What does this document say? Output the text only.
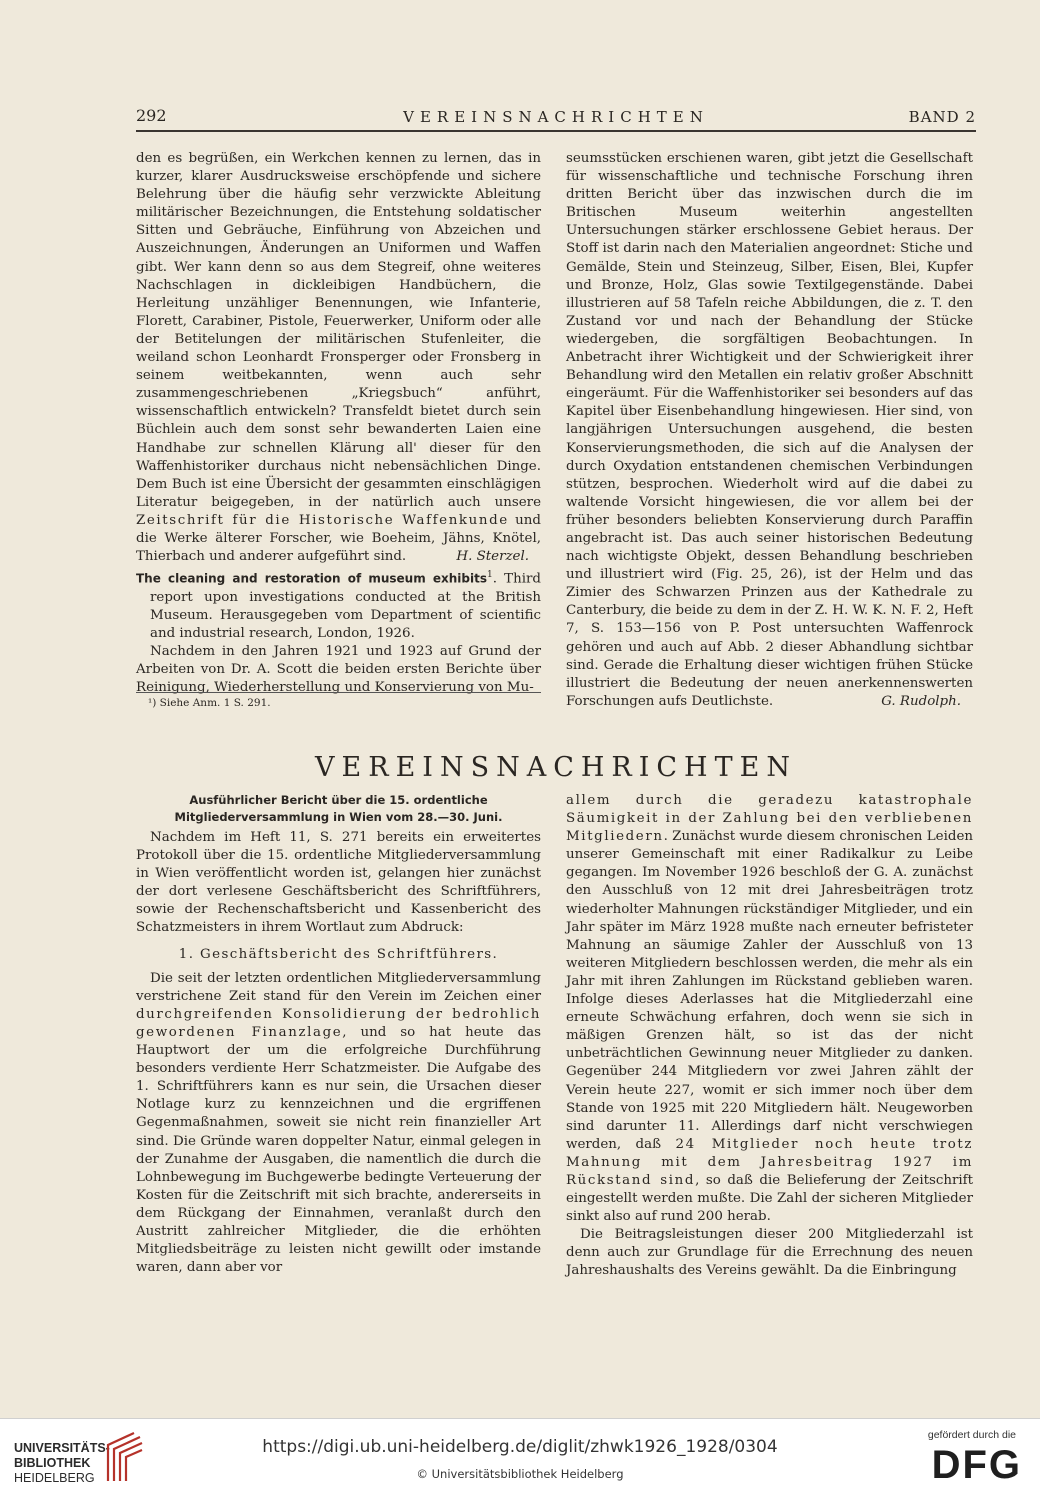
292	VEREINSNACHRICHTEN	BAND 2

den es begrüßen, ein Werkchen kennen zu lernen, das in kurzer, klarer Ausdrucksweise erschöpfende und sichere Belehrung über die häufig sehr verzwickte Ableitung militärischer Bezeichnungen, die Entstehung soldatischer Sitten und Gebräuche, Einführung von Abzeichen und Auszeichnungen, Änderungen an Uniformen und Waffen gibt. Wer kann denn so aus dem Stegreif, ohne weiteres Nachschlagen in dickleibigen Handbüchern, die Herleitung unzähliger Benennungen, wie Infanterie, Florett, Carabiner, Pistole, Feuerwerker, Uniform oder alle der Betitelungen der militärischen Stufenleiter, die weiland schon Leonhardt Fronsperger oder Fronsberg in seinem weitbekannten, wenn auch sehr zusammengeschriebenen „Kriegsbuch“ anführt, wissenschaftlich entwickeln? Transfeldt bietet durch sein Büchlein auch dem sonst sehr bewanderten Laien eine Handhabe zur schnellen Klärung all' dieser für den Waffenhistoriker durchaus nicht nebensächlichen Dinge. Dem Buch ist eine Übersicht der gesammten einschlägigen Literatur beigegeben, in der natürlich auch unsere Zeitschrift für die Historische Waffenkunde und die Werke älterer Forscher, wie Boeheim, Jähns, Knötel, Thierbach und anderer aufgeführt sind.	H. Sterzel.

The cleaning and restoration of museum exhibits$^1$. Third report upon investigations conducted at the British Museum. Herausgegeben vom Department of scientific and industrial research, London, 1926.

Nachdem in den Jahren 1921 und 1923 auf Grund der Arbeiten von Dr. A. Scott die beiden ersten Berichte über Reinigung, Wiederherstellung und Konservierung von Mu-

¹) Siehe Anm. 1 S. 291.

seumsstücken erschienen waren, gibt jetzt die Gesellschaft für wissenschaftliche und technische Forschung ihren dritten Bericht über das inzwischen durch die im Britischen Museum weiterhin angestellten Untersuchungen stärker erschlossene Gebiet heraus. Der Stoff ist darin nach den Materialien angeordnet: Stiche und Gemälde, Stein und Steinzeug, Silber, Eisen, Blei, Kupfer und Bronze, Holz, Glas sowie Textilgegenstände. Dabei illustrieren auf 58 Tafeln reiche Abbildungen, die z. T. den Zustand vor und nach der Behandlung der Stücke wiedergeben, die sorgfältigen Beobachtungen. In Anbetracht ihrer Wichtigkeit und der Schwierigkeit ihrer Behandlung wird den Metallen ein relativ großer Abschnitt eingeräumt. Für die Waffenhistoriker sei besonders auf das Kapitel über Eisenbehandlung hingewiesen. Hier sind, von langjährigen Untersuchungen ausgehend, die besten Konservierungsmethoden, die sich auf die Analysen der durch Oxydation entstandenen chemischen Verbindungen stützen, besprochen. Wiederholt wird auf die dabei zu waltende Vorsicht hingewiesen, die vor allem bei der früher besonders beliebten Konservierung durch Paraffin angebracht ist. Das auch seiner historischen Bedeutung nach wichtigste Objekt, dessen Behandlung beschrieben und illustriert wird (Fig. 25, 26), ist der Helm und das Zimier des Schwarzen Prinzen aus der Kathedrale zu Canterbury, die beide zu dem in der Z. H. W. K. N. F. 2, Heft 7, S. 153—156 von P. Post untersuchten Waffenrock gehören und auch auf Abb. 2 dieser Abhandlung sichtbar sind. Gerade die Erhaltung dieser wichtigen frühen Stücke illustriert die Bedeutung der neuen anerkennenswerten Forschungen aufs Deutlichste.	G. Rudolph.

VEREINSNACHRICHTEN
Ausführlicher Bericht über die 15. ordentliche Mitgliederversammlung in Wien vom 28.—30. Juni.

Nachdem im Heft 11, S. 271 bereits ein erweitertes Protokoll über die 15. ordentliche Mitgliederversammlung in Wien veröffentlicht worden ist, gelangen hier zunächst der dort verlesene Geschäftsbericht des Schriftführers, sowie der Rechenschaftsbericht und Kassenbericht des Schatzmeisters in ihrem Wortlaut zum Abdruck:

1. Geschäftsbericht des Schriftführers.

Die seit der letzten ordentlichen Mitgliederversammlung verstrichene Zeit stand für den Verein im Zeichen einer durchgreifenden Konsolidierung der bedrohlich gewordenen Finanzlage, und so hat heute das Hauptwort der um die erfolgreiche Durchführung besonders verdiente Herr Schatzmeister. Die Aufgabe des 1. Schriftführers kann es nur sein, die Ursachen dieser Notlage kurz zu kennzeichnen und die ergriffenen Gegenmaßnahmen, soweit sie nicht rein finanzieller Art sind. Die Gründe waren doppelter Natur, einmal gelegen in der Zunahme der Ausgaben, die namentlich die durch die Lohnbewegung im Buchgewerbe bedingte Verteuerung der Kosten für die Zeitschrift mit sich brachte, andererseits in dem Rückgang der Einnahmen, veranlaßt durch den Austritt zahlreicher Mitglieder, die die erhöhten Mitgliedsbeiträge zu leisten nicht gewillt oder imstande waren, dann aber vor

allem durch die geradezu katastrophale Säumigkeit in der Zahlung bei den verbliebenen Mitgliedern. Zunächst wurde diesem chronischen Leiden unserer Gemeinschaft mit einer Radikalkur zu Leibe gegangen. Im November 1926 beschloß der G. A. zunächst den Ausschluß von 12 mit drei Jahresbeiträgen trotz wiederholter Mahnungen rückständiger Mitglieder, und ein Jahr später im März 1928 mußte nach erneuter befristeter Mahnung an säumige Zahler der Ausschluß von 13 weiteren Mitgliedern beschlossen werden, die mehr als ein Jahr mit ihren Zahlungen im Rückstand geblieben waren. Infolge dieses Aderlasses hat die Mitgliederzahl eine erneute Schwächung erfahren, doch wenn sie sich in mäßigen Grenzen hält, so ist das der nicht unbeträchtlichen Gewinnung neuer Mitglieder zu danken. Gegenüber 244 Mitgliedern vor zwei Jahren zählt der Verein heute 227, womit er sich immer noch über dem Stande von 1925 mit 220 Mitgliedern hält. Neugeworben sind darunter 11. Allerdings darf nicht verschwiegen werden, daß 24 Mitglieder noch heute trotz Mahnung mit dem Jahresbeitrag 1927 im Rückstand sind, so daß die Belieferung der Zeitschrift eingestellt werden mußte. Die Zahl der sicheren Mitglieder sinkt also auf rund 200 herab.

Die Beitragsleistungen dieser 200 Mitgliederzahl ist denn auch zur Grundlage für die Errechnung des neuen Jahreshaushalts des Vereins gewählt. Da die Einbringung

UNIVERSITÄTS-
BIBLIOTHEK
HEIDELBERG
https://digi.ub.uni-heidelberg.de/diglit/zhwk1926_1928/0304
© Universitätsbibliothek Heidelberg
gefördert durch die
DFG
